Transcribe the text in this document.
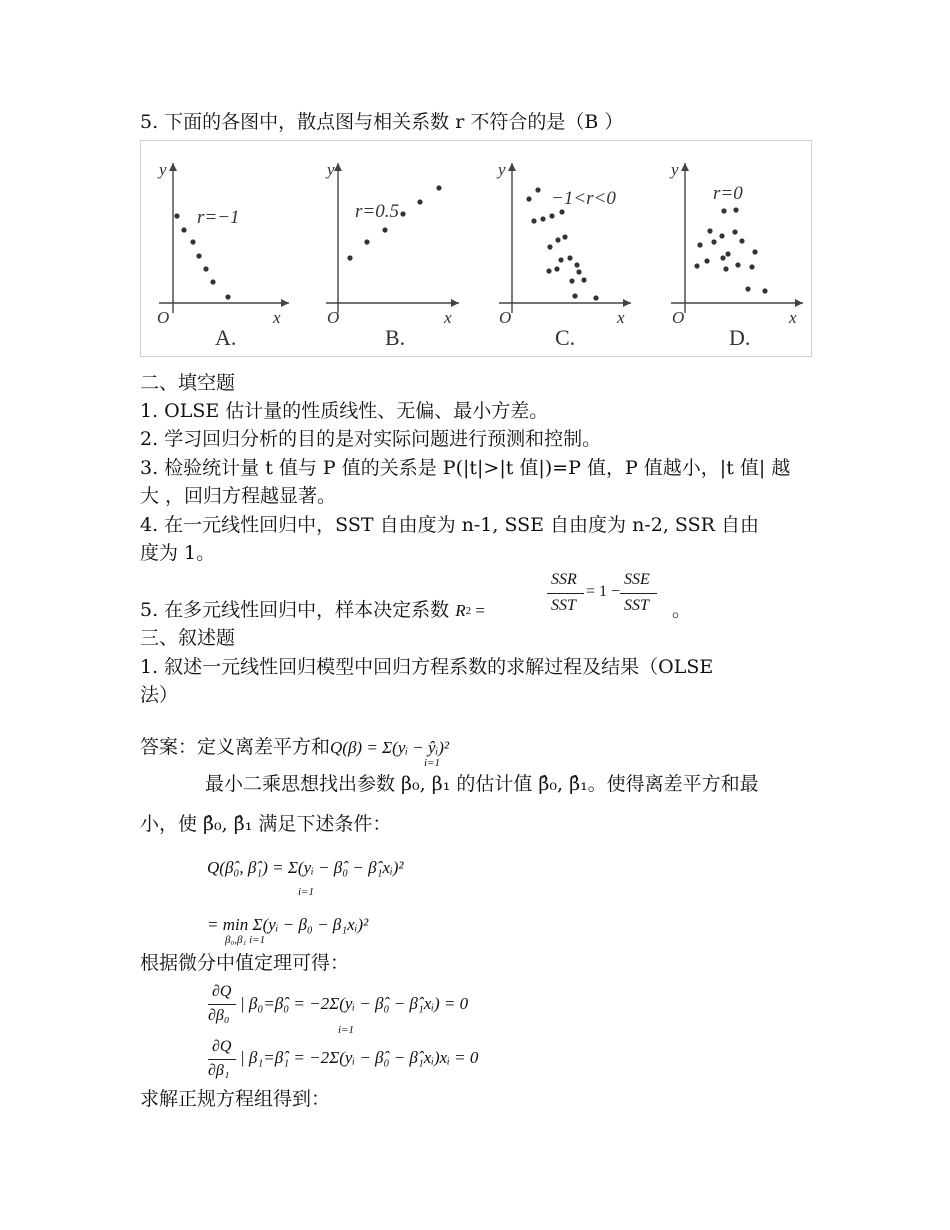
5. 下面的各图中，散点图与相关系数 r 不符合的是（B ）
y
O	x
y
O	x
y
O	x
y
O	x
r=−1	r=0.5
−1<r<0	r=0
A.	B.	C.	D.
二、填空题
1. OLSE 估计量的性质线性、无偏、最小方差。
2. 学习回归分析的目的是对实际问题进行预测和控制。
3. 检验统计量 t 值与 P 值的关系是 P(|t|>|t 值|)=P 值，P 值越小，|t 值| 越
大 ，回归方程越显著。
4. 在一元线性回归中，SST 自由度为 n-1, SSE 自由度为 n-2, SSR 自由
度为 1。
5. 在多元线性回归中，样本决定系数 R2 =
SSR
SST
= 1 −
SSE
SST 。
三、叙述题
1. 叙述一元线性回归模型中回归方程系数的求解过程及结果（OLSE
法）
答案：定义离差平方和Q(β) = Σ(yᵢ − ŷᵢ)²
i=1
最小二乘思想找出参数 β₀, β₁ 的估计值 β̂₀, β̂₁。使得离差平方和最
小，使 β̂₀, β̂₁ 满足下述条件：
Q(β̂₀, β̂₁) = Σ(yᵢ − β̂₀ − β̂₁xᵢ)²
i=1
= min Σ(yᵢ − β₀ − β₁xᵢ)²
β₀,β₁ i=1
根据微分中值定理可得：
∂Q
∂β₀
| β₀=β̂₀ = −2Σ(yᵢ − β̂₀ − β̂₁xᵢ) = 0
i=1
∂Q
∂β₁
| β₁=β̂₁ = −2Σ(yᵢ − β̂₀ − β̂₁xᵢ)xᵢ = 0
求解正规方程组得到：
